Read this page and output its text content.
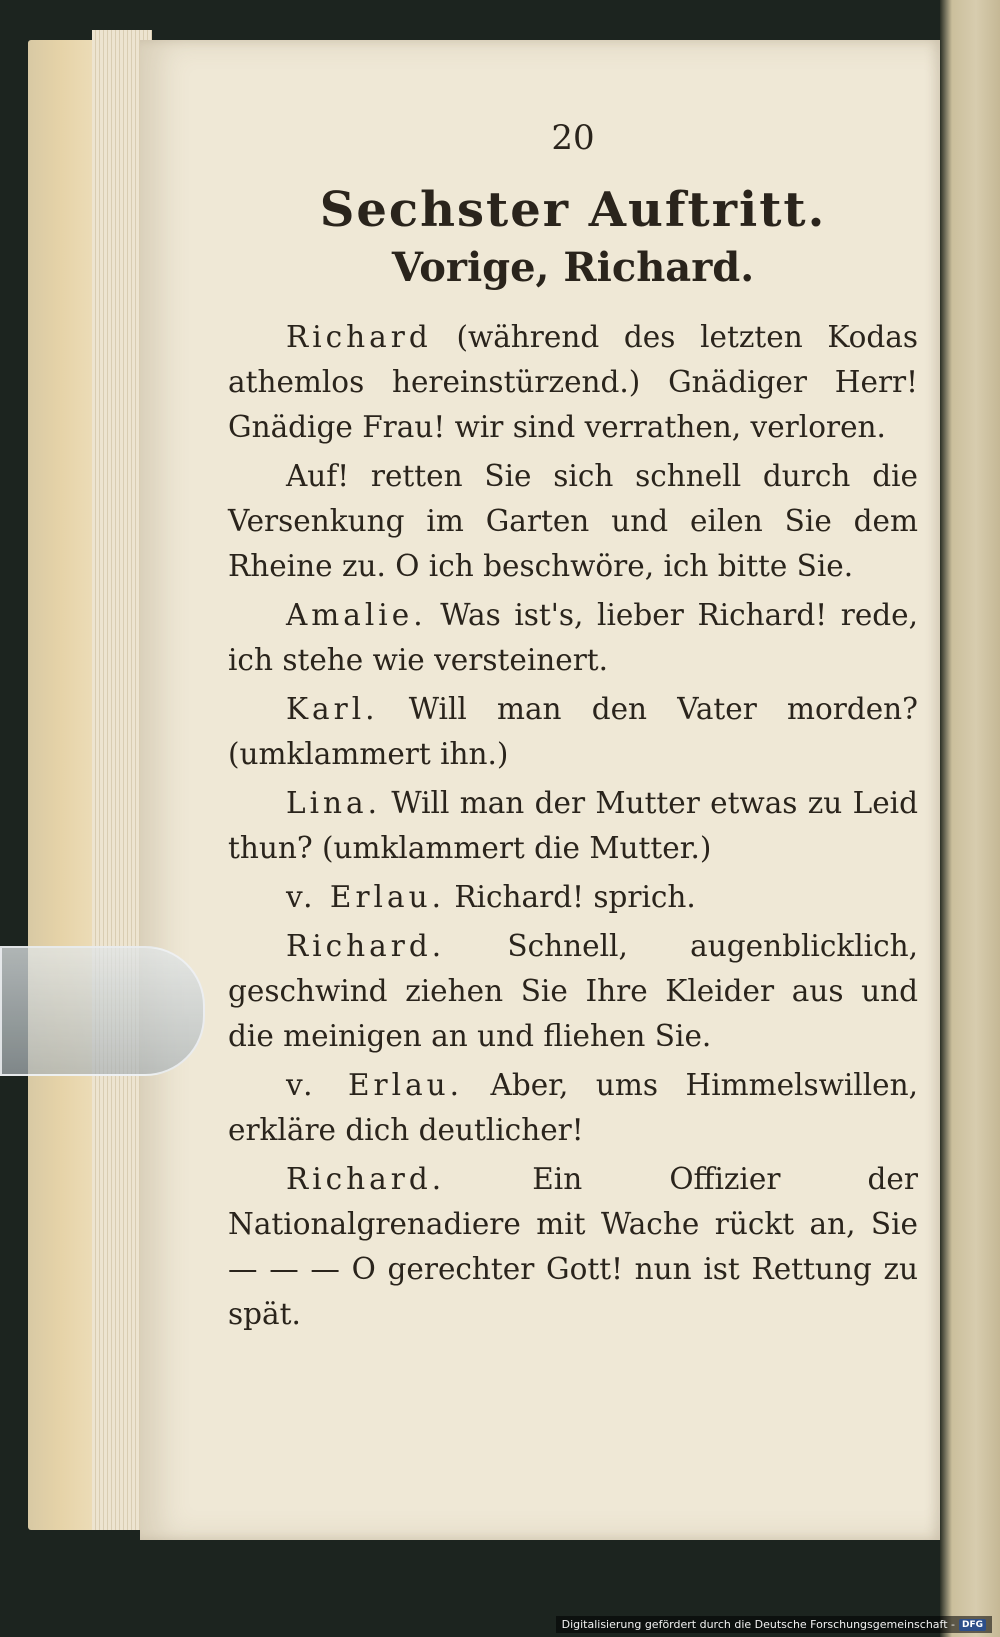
20
Sechster Auftritt.
Vorige, Richard.

Richard (während des letzten Kodas athemlos hereinstürzend.) Gnädiger Herr! Gnädige Frau! wir sind verrathen, verloren.

Auf! retten Sie sich schnell durch die Versenkung im Garten und eilen Sie dem Rheine zu. O ich beschwöre, ich bitte Sie.

Amalie. Was ist's, lieber Richard! rede, ich stehe wie versteinert.

Karl. Will man den Vater morden? (umklammert ihn.)

Lina. Will man der Mutter etwas zu Leid thun? (umklammert die Mutter.)

v. Erlau. Richard! sprich.

Richard. Schnell, augenblicklich, geschwind ziehen Sie Ihre Kleider aus und die meinigen an und fliehen Sie.

v. Erlau. Aber, ums Himmelswillen, erkläre dich deutlicher!

Richard. Ein Offizier der Nationalgrenadiere mit Wache rückt an, Sie — — — O gerechter Gott! nun ist Rettung zu spät.

Digitalisierung gefördert durch die Deutsche Forschungsgemeinschaft - DFG
